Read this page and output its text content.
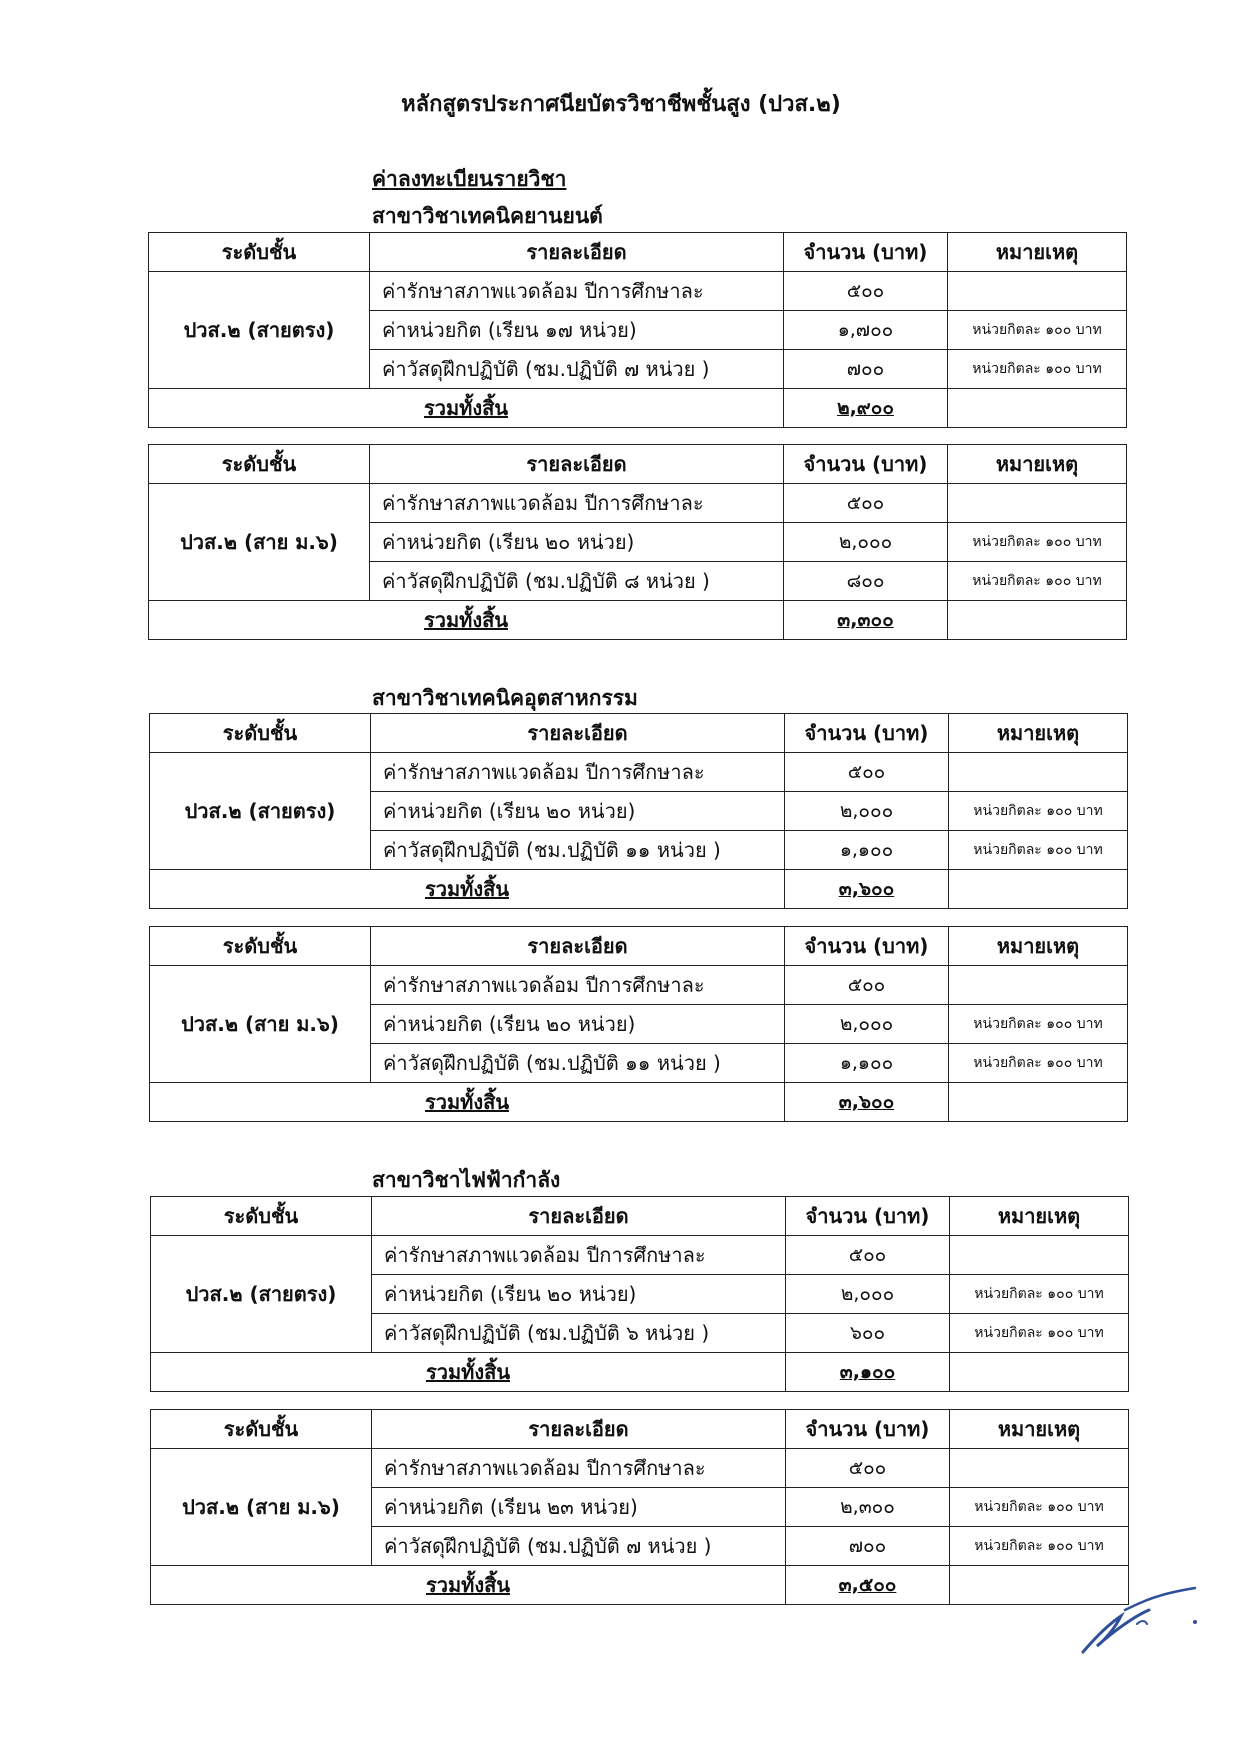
หลักสูตรประกาศนียบัตรวิชาชีพชั้นสูง (ปวส.๒)
ค่าลงทะเบียนรายวิชา
สาขาวิชาเทคนิคยานยนต์
ระดับชั้น	รายละเอียด	จำนวน (บาท)	หมายเหตุ
ปวส.๒ (สายตรง)	ค่ารักษาสภาพแวดล้อม ปีการศึกษาละ	๕๐๐	
	ค่าหน่วยกิต (เรียน ๑๗ หน่วย)	๑,๗๐๐	หน่วยกิตละ ๑๐๐ บาท
	ค่าวัสดุฝึกปฏิบัติ (ชม.ปฏิบัติ ๗ หน่วย )	๗๐๐	หน่วยกิตละ ๑๐๐ บาท
รวมทั้งสิ้น		๒,๙๐๐	
ระดับชั้น	รายละเอียด	จำนวน (บาท)	หมายเหตุ
ปวส.๒ (สาย ม.๖)	ค่ารักษาสภาพแวดล้อม ปีการศึกษาละ	๕๐๐	
	ค่าหน่วยกิต (เรียน ๒๐ หน่วย)	๒,๐๐๐	หน่วยกิตละ ๑๐๐ บาท
	ค่าวัสดุฝึกปฏิบัติ (ชม.ปฏิบัติ ๘ หน่วย )	๘๐๐	หน่วยกิตละ ๑๐๐ บาท
รวมทั้งสิ้น		๓,๓๐๐	
สาขาวิชาเทคนิคอุตสาหกรรม
ระดับชั้น	รายละเอียด	จำนวน (บาท)	หมายเหตุ
ปวส.๒ (สายตรง)	ค่ารักษาสภาพแวดล้อม ปีการศึกษาละ	๕๐๐	
	ค่าหน่วยกิต (เรียน ๒๐ หน่วย)	๒,๐๐๐	หน่วยกิตละ ๑๐๐ บาท
	ค่าวัสดุฝึกปฏิบัติ (ชม.ปฏิบัติ ๑๑ หน่วย )	๑,๑๐๐	หน่วยกิตละ ๑๐๐ บาท
รวมทั้งสิ้น		๓,๖๐๐	
ระดับชั้น	รายละเอียด	จำนวน (บาท)	หมายเหตุ
ปวส.๒ (สาย ม.๖)	ค่ารักษาสภาพแวดล้อม ปีการศึกษาละ	๕๐๐	
	ค่าหน่วยกิต (เรียน ๒๐ หน่วย)	๒,๐๐๐	หน่วยกิตละ ๑๐๐ บาท
	ค่าวัสดุฝึกปฏิบัติ (ชม.ปฏิบัติ ๑๑ หน่วย )	๑,๑๐๐	หน่วยกิตละ ๑๐๐ บาท
รวมทั้งสิ้น		๓,๖๐๐	
สาขาวิชาไฟฟ้ากำลัง
ระดับชั้น	รายละเอียด	จำนวน (บาท)	หมายเหตุ
ปวส.๒ (สายตรง)	ค่ารักษาสภาพแวดล้อม ปีการศึกษาละ	๕๐๐	
	ค่าหน่วยกิต (เรียน ๒๐ หน่วย)	๒,๐๐๐	หน่วยกิตละ ๑๐๐ บาท
	ค่าวัสดุฝึกปฏิบัติ (ชม.ปฏิบัติ ๖ หน่วย )	๖๐๐	หน่วยกิตละ ๑๐๐ บาท
รวมทั้งสิ้น		๓,๑๐๐	
ระดับชั้น	รายละเอียด	จำนวน (บาท)	หมายเหตุ
ปวส.๒ (สาย ม.๖)	ค่ารักษาสภาพแวดล้อม ปีการศึกษาละ	๕๐๐	
	ค่าหน่วยกิต (เรียน ๒๓ หน่วย)	๒,๓๐๐	หน่วยกิตละ ๑๐๐ บาท
	ค่าวัสดุฝึกปฏิบัติ (ชม.ปฏิบัติ ๗ หน่วย )	๗๐๐	หน่วยกิตละ ๑๐๐ บาท
รวมทั้งสิ้น		๓,๕๐๐	
